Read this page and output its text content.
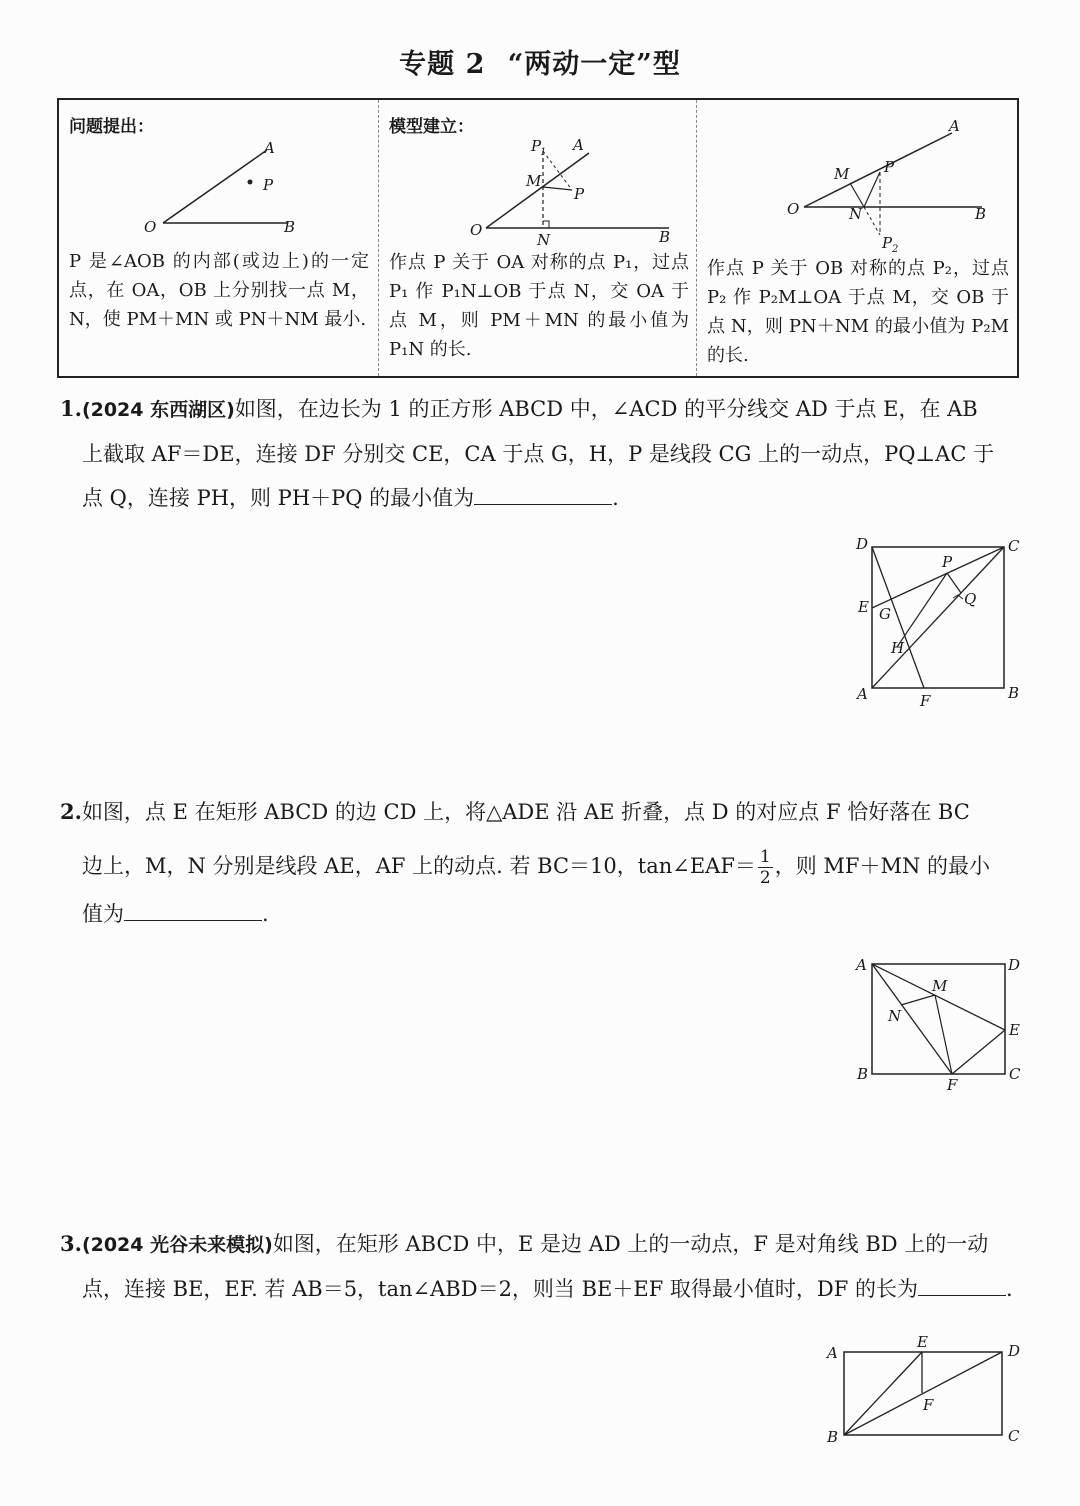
专题 2 “两动一定”型
问题提出：
A
P
O	B
P 是∠AOB 的内部(或边上)的一定点，在 OA，OB 上分别找一点 M，N，使 PM＋MN 或 PN＋NM 最小.
模型建立：
P
1 A
M
P
O
N	B
作点 P 关于 OA 对称的点 P₁，过点 P₁ 作 P₁N⊥OB 于点 N，交 OA 于点 M，则 PM＋MN 的最小值为 P₁N 的长.
A
M P
O	N	B
P 2
作点 P 关于 OB 对称的点 P₂，过点 P₂ 作 P₂M⊥OA 于点 M，交 OB 于点 N，则 PN＋NM 的最小值为 P₂M 的长.
1.(2024 东西湖区)如图，在边长为 1 的正方形 ABCD 中，∠ACD 的平分线交 AD 于点 E，在 AB
上截取 AF＝DE，连接 DF 分别交 CE，CA 于点 G，H，P 是线段 CG 上的一动点，PQ⊥AC 于
点 Q，连接 PH，则 PH＋PQ 的最小值为	.
D	C
P
E G
Q
H
A	F	B
2.如图，点 E 在矩形 ABCD 的边 CD 上，将△ADE 沿 AE 折叠，点 D 的对应点 F 恰好落在 BC
边上，M，N 分别是线段 AE，AF 上的动点. 若 BC＝10，tan∠EAF＝ $\frac{1}{2}$ ，则 MF＋MN 的最小
值为	.
A	D
M
N
E
B
F
C
3.(2024 光谷未来模拟)如图，在矩形 ABCD 中，E 是边 AD 上的一动点，F 是对角线 BD 上的一动
点，连接 BE，EF. 若 AB＝5，tan∠ABD＝2，则当 BE＋EF 取得最小值时，DF 的长为	.
A
E	D
F
B	C
